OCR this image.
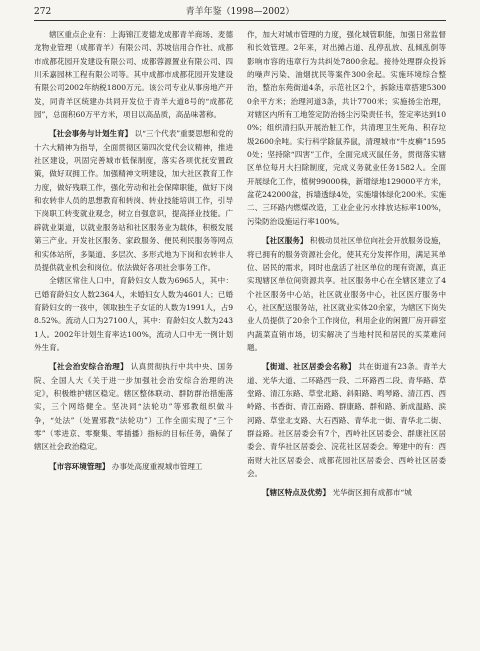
272	青羊年鉴（1998—2002）

辖区重点企业有：上海锦江麦德龙成都青羊商场、麦德龙物业管理（成都青羊）有限公司、苏坡信用合作社、成都市成都花园开发建设有限公司、成都蓉源置业有限公司、四川禾嘉园林工程有限公司等。其中成都市成都花园开发建设有限公司2002年纳税1800万元。该公司专业从事房地产开发，同青羊区统建办共同开发位于青羊大道8号的“成都花园”，总面积60万平方米，项目以高品质，高品味著称。

【社会事务与计划生育】 以“三个代表”重要思想和党的十六大精神为指导，全面贯彻区第四次党代会议精神，推进社区建设，巩固完善城市低保制度，落实各项优抚安置政策，做好双拥工作。加强精神文明建设，加大社区教育工作力度，做好残联工作，强化劳动和社会保障职能，做好下岗和农转非人员的思想教育和转岗、转业技能培训工作，引导下岗职工转变就业观念，树立自强意识，提高择业技能。广辟就业渠道，以就业服务站和社区服务业为载体，积极发展第三产业。开发社区服务、家政服务、便民利民服务等网点和实体站所，多渠道、多层次、多形式地为下岗和农转非人员提供就业机会和岗位。依法做好各项社会事务工作。

全辖区常住人口中，育龄妇女人数为6965人，其中：已婚育龄妇女人数2364人，未婚妇女人数为4601人；已婚育龄妇女的一孩中，领取独生子女证的人数为1991人，占98.52%。流动人口为27100人，其中：育龄妇女人数为2431人。2002年计划生育率达100%，流动人口中无一例计划外生育。

【社会治安综合治理】 认真贯彻执行中共中央、国务院、全国人大《关于进一步加强社会治安综合治理的决定》，积极维护辖区稳定。辖区整体联动、群防群治措施落实，三个网络健全。坚决同“法轮功”等邪教组织做斗争，“处法”（处置邪教“法轮功”）工作全面实现了“三个零”（零进京、零聚集、零插播）指标的目标任务，确保了辖区社会政治稳定。

【市容环境管理】 办事处高度重视城市管理工

作，加大对城市管理的力度，强化城管职能，加强日常监督和长效管理。2年来，对出摊占道、乱停乱放、乱倾乱倒等影响市容的违章行为共纠处7800余起。接待处理群众投诉的噪声污染、油烟扰民等案件300余起。实施环境综合整治，整治东苑街道4条，示范社区2个，拆除违章搭建53000余平方米；治理河道3条，共计7700米；实施扬尘治理，对辖区内所有工地签定防治扬尘污染责任书，签定率达到100%；组织清扫队开展治脏工作，共清理卫生死角、积存垃圾2600余吨。实行科学除鼠养鼠，清理城市“牛皮癣”15950处；坚持除“四害”工作，全面完成灭鼠任务，贯彻落实辖区单位每月大扫除制度，完成义务就业任务1582人。全面开展绿化工作，植树99000株，新增绿地129000平方米，盆花242000盆，拆墙透绿4处，实施墙体绿化200米。实施二、三环路内燃煤改造，工业企业污水排放达标率100%，污染防治设施运行率100%。

【社区服务】 积极动员社区单位向社会开放服务设施，将已拥有的服务资源社会化，使其充分发挥作用，满足其单位、居民的需求，同时也盘活了社区单位的现有资源，真正实现辖区单位间资源共享。社区服务中心在全辖区建立了4个社区服务中心站，社区就业服务中心，社区医疗服务中心，社区配送服务站，社区就业实体20余家，为辖区下岗失业人员提供了20余个工作岗位，利用企业的闲置厂房开辟室内蔬菜直销市场，切实解决了当地村民和居民的买菜难问题。

【街道、社区居委会名称】 共在街道有23条。青羊大道、光华大道、二环路西一段、二环路西二段、青华路、草堂路、清江东路、草堂北路、斜阳路、鸣琴路、清江西、西岭路、书香街、青江南路、群康路、群和路、新成温路、滨河路、草堂北支路、大石西路、青华北一街、青华北二街、群益路。社区居委会有7个，西岭社区居委会、群康社区居委会、青华社区居委会、浣花社区居委会。筹建中的有：西南财大社区居委会、成都花园社区居委会、西岭社区居委会。

【辖区特点及优势】 光华街区拥有成都市“城
